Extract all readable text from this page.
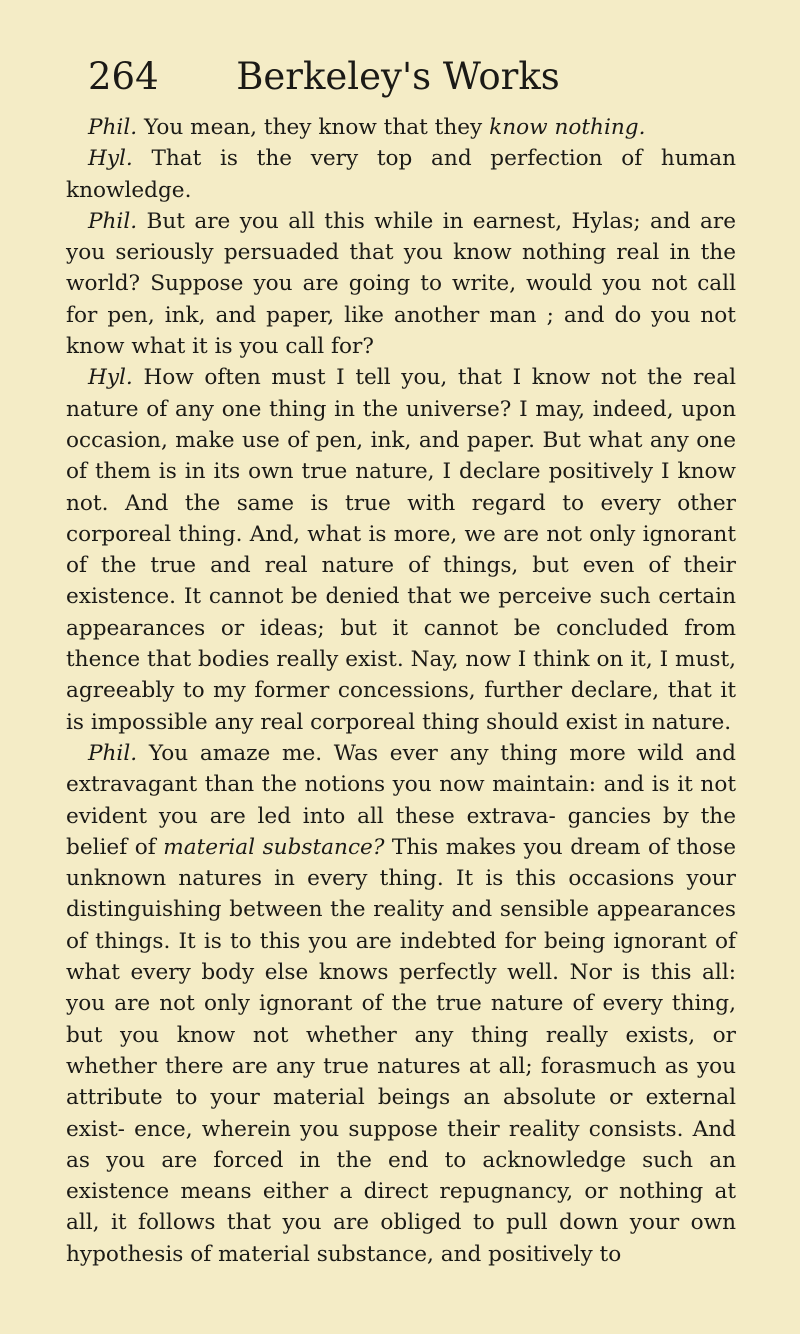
264	Berkeley's Works

Phil. You mean, they know that they know nothing.

Hyl. That is the very top and perfection of human knowledge.

Phil. But are you all this while in earnest, Hylas; and are you seriously persuaded that you know nothing real in the world? Suppose you are going to write, would you not call for pen, ink, and paper, like another man ; and do you not know what it is you call for?

Hyl. How often must I tell you, that I know not the real nature of any one thing in the universe? I may, indeed, upon occasion, make use of pen, ink, and paper. But what any one of them is in its own true nature, I declare positively I know not. And the same is true with regard to every other corporeal thing. And, what is more, we are not only ignorant of the true and real nature of things, but even of their existence. It cannot be denied that we perceive such certain appearances or ideas; but it cannot be concluded from thence that bodies really exist. Nay, now I think on it, I must, agreeably to my former concessions, further declare, that it is impossible any real corporeal thing should exist in nature.

Phil. You amaze me. Was ever any thing more wild and extravagant than the notions you now maintain: and is it not evident you are led into all these extrava- gancies by the belief of material substance? This makes you dream of those unknown natures in every thing. It is this occasions your distinguishing between the reality and sensible appearances of things. It is to this you are indebted for being ignorant of what every body else knows perfectly well. Nor is this all: you are not only ignorant of the true nature of every thing, but you know not whether any thing really exists, or whether there are any true natures at all; forasmuch as you attribute to your material beings an absolute or external exist- ence, wherein you suppose their reality consists. And as you are forced in the end to acknowledge such an existence means either a direct repugnancy, or nothing at all, it follows that you are obliged to pull down your own hypothesis of material substance, and positively to
